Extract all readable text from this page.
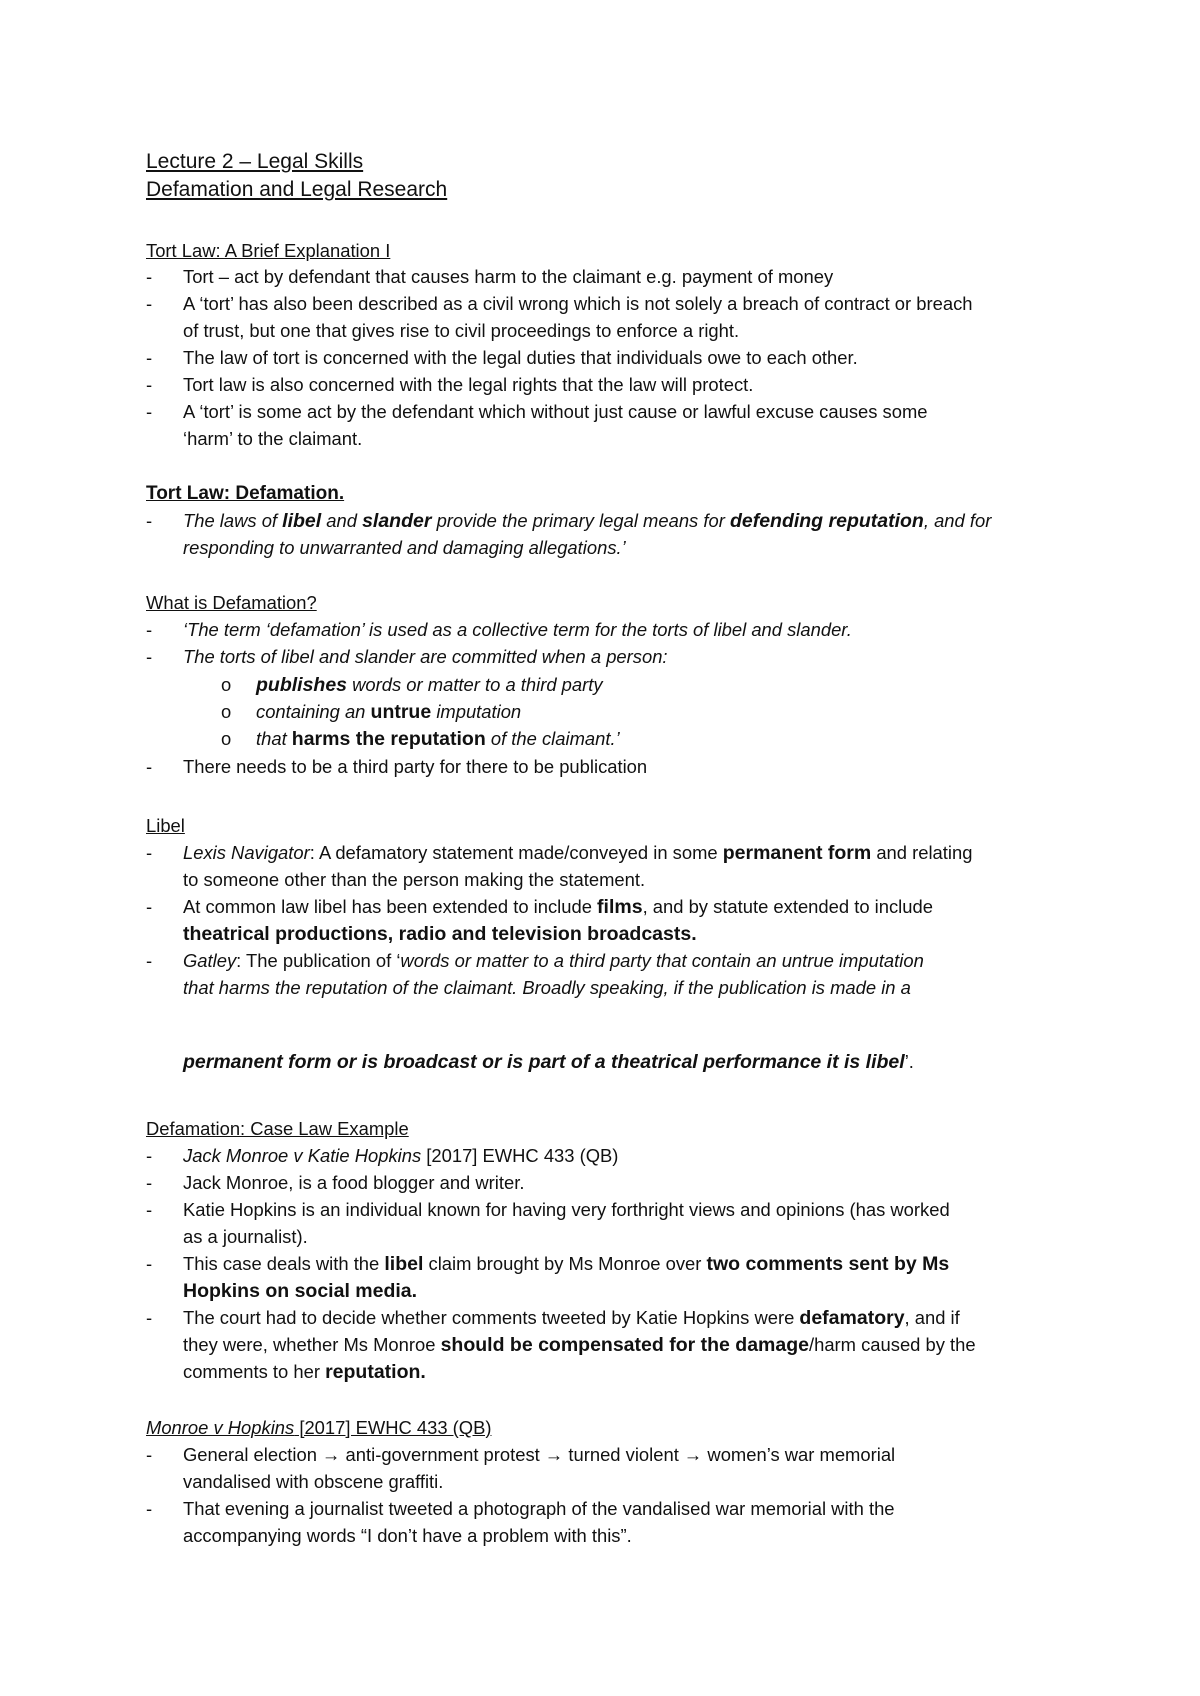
Lecture 2 – Legal Skills
Defamation and Legal Research
Tort Law: A Brief Explanation I
- Tort – act by defendant that causes harm to the claimant e.g. payment of money
- A ‘tort’ has also been described as a civil wrong which is not solely a breach of contract or breach
of trust, but one that gives rise to civil proceedings to enforce a right.
- The law of tort is concerned with the legal duties that individuals owe to each other.
- Tort law is also concerned with the legal rights that the law will protect.
- A ‘tort’ is some act by the defendant which without just cause or lawful excuse causes some
‘harm’ to the claimant.
Tort Law: Defamation.
- The laws of libel and slander provide the primary legal means for defending reputation, and for
responding to unwarranted and damaging allegations.’
What is Defamation?
- ‘The term ‘defamation’ is used as a collective term for the torts of libel and slander.
- The torts of libel and slander are committed when a person:
o publishes words or matter to a third party
o containing an untrue imputation
o that harms the reputation of the claimant.’
- There needs to be a third party for there to be publication
Libel
- Lexis Navigator: A defamatory statement made/conveyed in some permanent form and relating
to someone other than the person making the statement.
- At common law libel has been extended to include films, and by statute extended to include
theatrical productions, radio and television broadcasts.
- Gatley: The publication of ‘words or matter to a third party that contain an untrue imputation
that harms the reputation of the claimant. Broadly speaking, if the publication is made in a
permanent form or is broadcast or is part of a theatrical performance it is libel’.
Defamation: Case Law Example
- Jack Monroe v Katie Hopkins [2017] EWHC 433 (QB)
- Jack Monroe, is a food blogger and writer.
- Katie Hopkins is an individual known for having very forthright views and opinions (has worked
as a journalist).
- This case deals with the libel claim brought by Ms Monroe over two comments sent by Ms
Hopkins on social media.
- The court had to decide whether comments tweeted by Katie Hopkins were defamatory, and if
they were, whether Ms Monroe should be compensated for the damage/harm caused by the
comments to her reputation.
Monroe v Hopkins [2017] EWHC 433 (QB)
- General election → anti-government protest → turned violent → women’s war memorial
vandalised with obscene graffiti.
- That evening a journalist tweeted a photograph of the vandalised war memorial with the
accompanying words “I don’t have a problem with this”.
